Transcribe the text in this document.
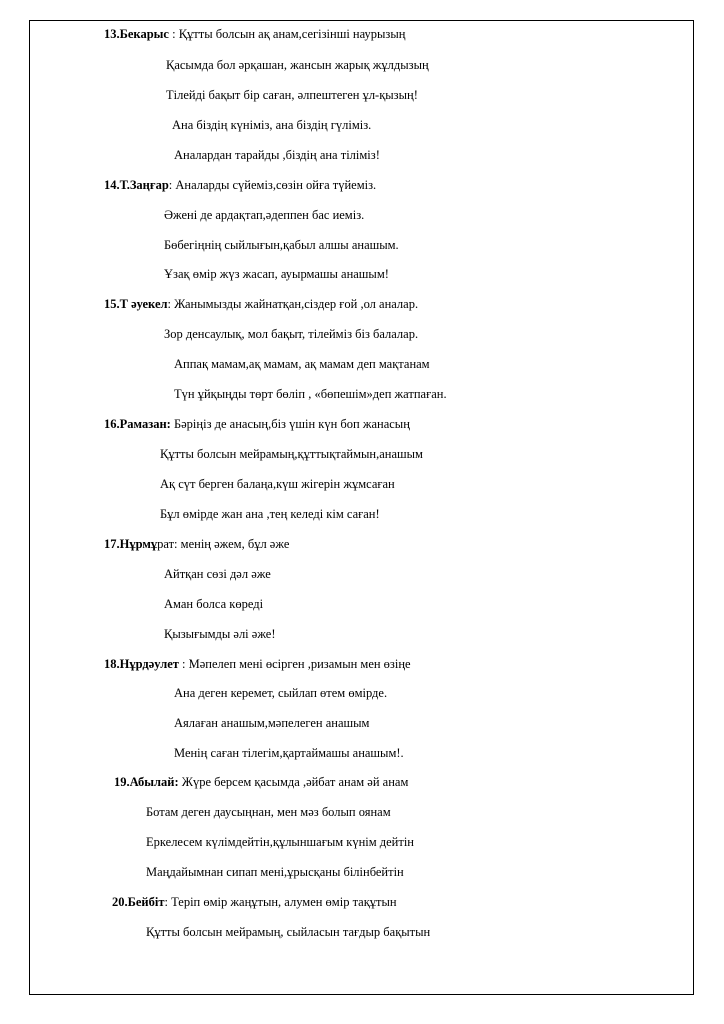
13.Бекарыс : Құтты болсын ақ анам,сегізінші наурызың
Қасымда бол әрқашан, жансын жарық жұлдызың
Тілейді бақыт бір саған, әлпештеген ұл-қызың!
Ана біздің күніміз, ана біздің гүліміз.
Аналардан тарайды ,біздің ана тіліміз!
14.Т.Заңғар: Аналарды сүйеміз,сөзін ойға түйеміз.
Әжені де ардақтап,әдеппен бас иеміз.
Бөбегіңнің сыйлығын,қабыл алшы анашым.
Ұзақ өмір жүз жасап, ауырмашы анашым!
15.Т әуекел: Жанымызды жайнатқан,сіздер ғой ,ол аналар.
Зор денсаулық, мол бақыт, тілейміз біз балалар.
Аппақ мамам,ақ мамам, ақ мамам деп мақтанам
Түн ұйқыңды төрт бөліп , «бөпешім»деп жатпаған.
16.Рамазан: Бәріңіз де анасың,біз үшін күн боп жанасың
Құтты болсын мейрамың,құттықтаймын,анашым
Ақ сүт берген балаңа,күш жігерін жұмсаған
Бұл өмірде жан ана ,тең келеді кім саған!
17.Нұрмұрат: менің әжем, бұл әже
Айтқан сөзі дәл әже
Аман болса көреді
Қызығымды әлі әже!
18.Нұрдәулет : Мәпелеп мені өсірген ,ризамын мен өзіңе
Ана деген керемет, сыйлап өтем өмірде.
Аялаған анашым,мәпелеген анашым
Менің саған тілегім,қартаймашы анашым!.
19.Абылай: Жүре берсем қасымда ,әйбат анам әй анам
Ботам деген даусыңнан, мен мәз болып оянам
Еркелесем күлімдейтін,құлыншағым күнім дейтін
Маңдайымнан сипап мені,ұрысқаны білінбейтін
20.Бейбіт: Теріп өмір жаңұтын, алумен өмір тақұтын
Құтты болсын мейрамың, сыйласын тағдыр бақытын
